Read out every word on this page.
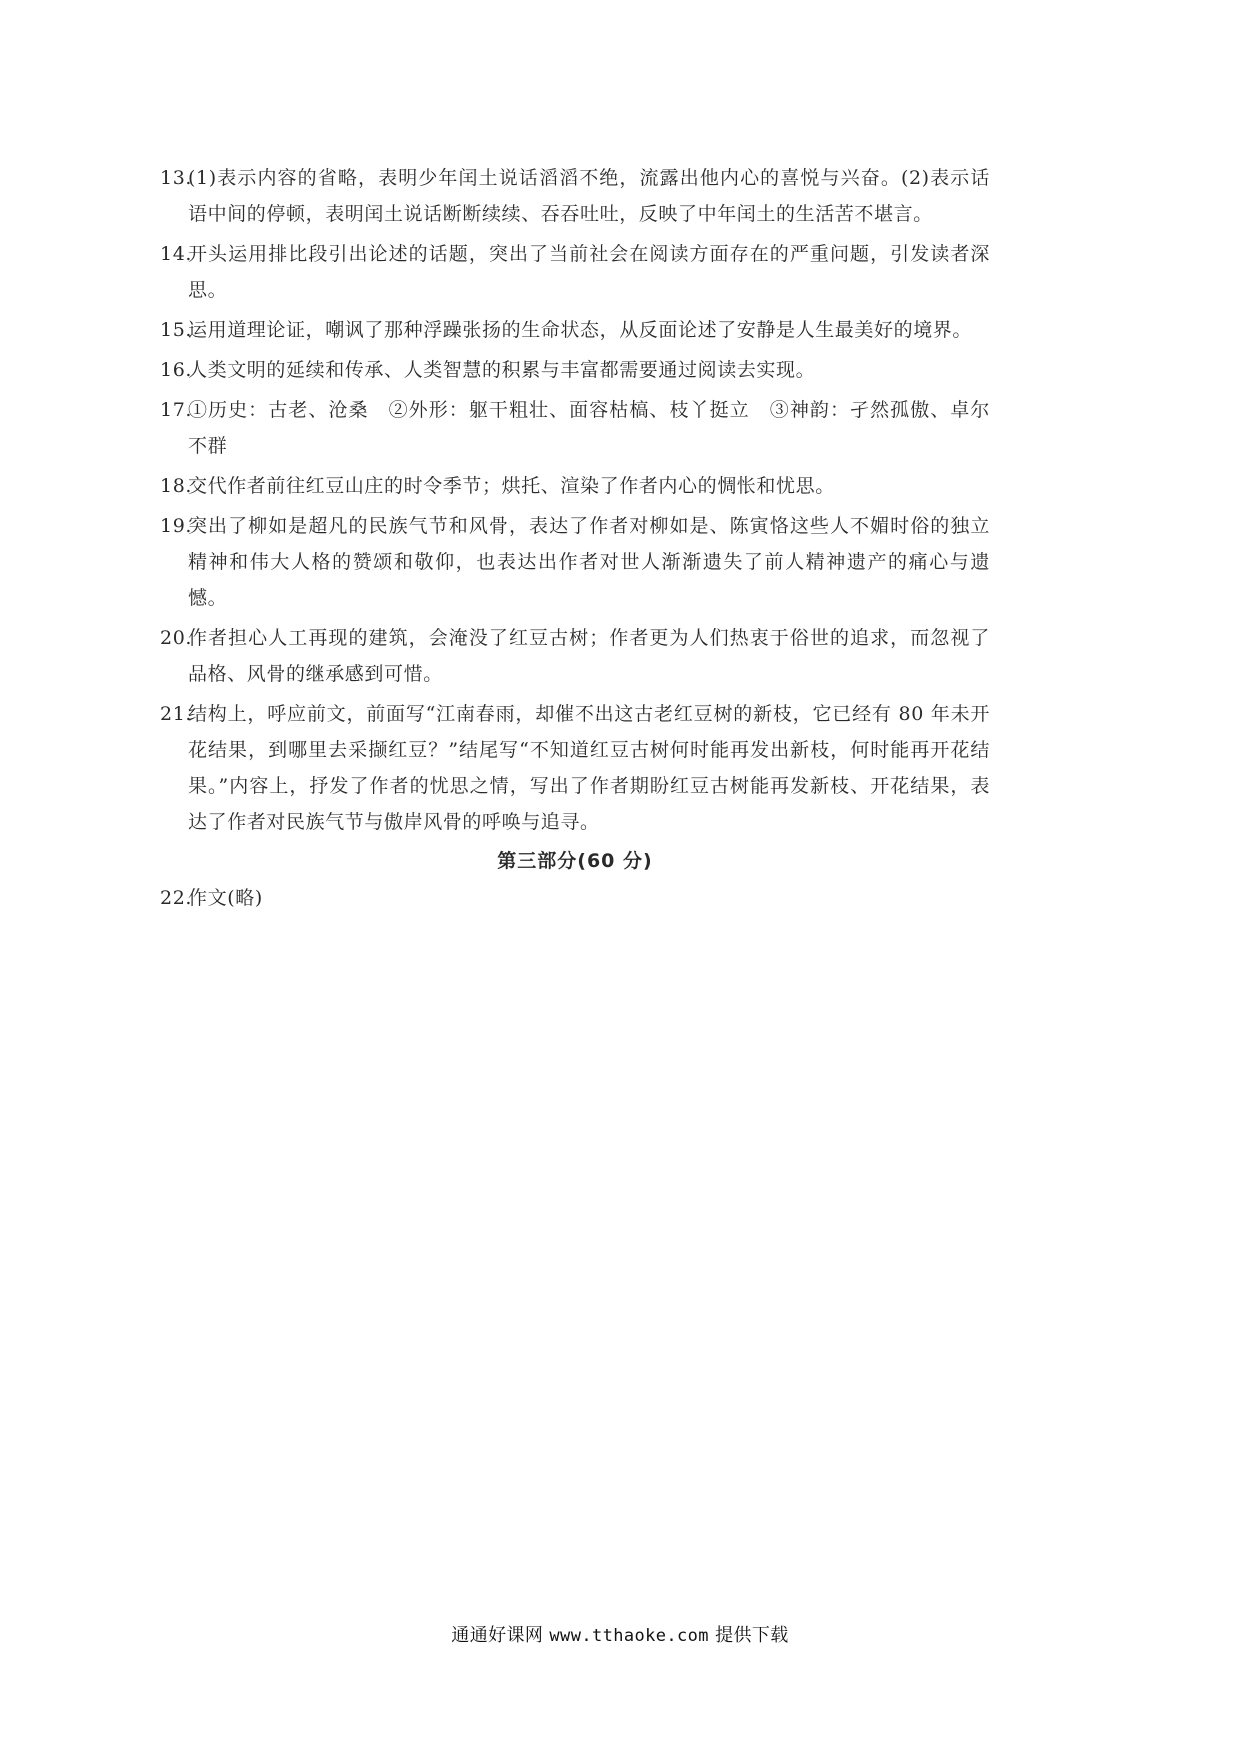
13.
(1)表示内容的省略，表明少年闰土说话滔滔不绝，流露出他内心的喜悦与兴奋。(2)表示话语中间的停顿，表明闰土说话断断续续、吞吞吐吐，反映了中年闰土的生活苦不堪言。
14.
开头运用排比段引出论述的话题，突出了当前社会在阅读方面存在的严重问题，引发读者深思。
15.
运用道理论证，嘲讽了那种浮躁张扬的生命状态，从反面论述了安静是人生最美好的境界。
16.
人类文明的延续和传承、人类智慧的积累与丰富都需要通过阅读去实现。
17.
①历史：古老、沧桑　②外形：躯干粗壮、面容枯槁、枝丫挺立　③神韵：孑然孤傲、卓尔不群
18.
交代作者前往红豆山庄的时令季节；烘托、渲染了作者内心的惆怅和忧思。
19.
突出了柳如是超凡的民族气节和风骨，表达了作者对柳如是、陈寅恪这些人不媚时俗的独立精神和伟大人格的赞颂和敬仰，也表达出作者对世人渐渐遗失了前人精神遗产的痛心与遗憾。
20.
作者担心人工再现的建筑，会淹没了红豆古树；作者更为人们热衷于俗世的追求，而忽视了品格、风骨的继承感到可惜。
21.
结构上，呼应前文，前面写“江南春雨，却催不出这古老红豆树的新枝，它已经有 80 年未开花结果，到哪里去采撷红豆？”结尾写“不知道红豆古树何时能再发出新枝，何时能再开花结果。”内容上，抒发了作者的忧思之情，写出了作者期盼红豆古树能再发新枝、开花结果，表达了作者对民族气节与傲岸风骨的呼唤与追寻。
第三部分(60 分)
22.
作文(略)
通通好课网 www.tthaoke.com 提供下载
